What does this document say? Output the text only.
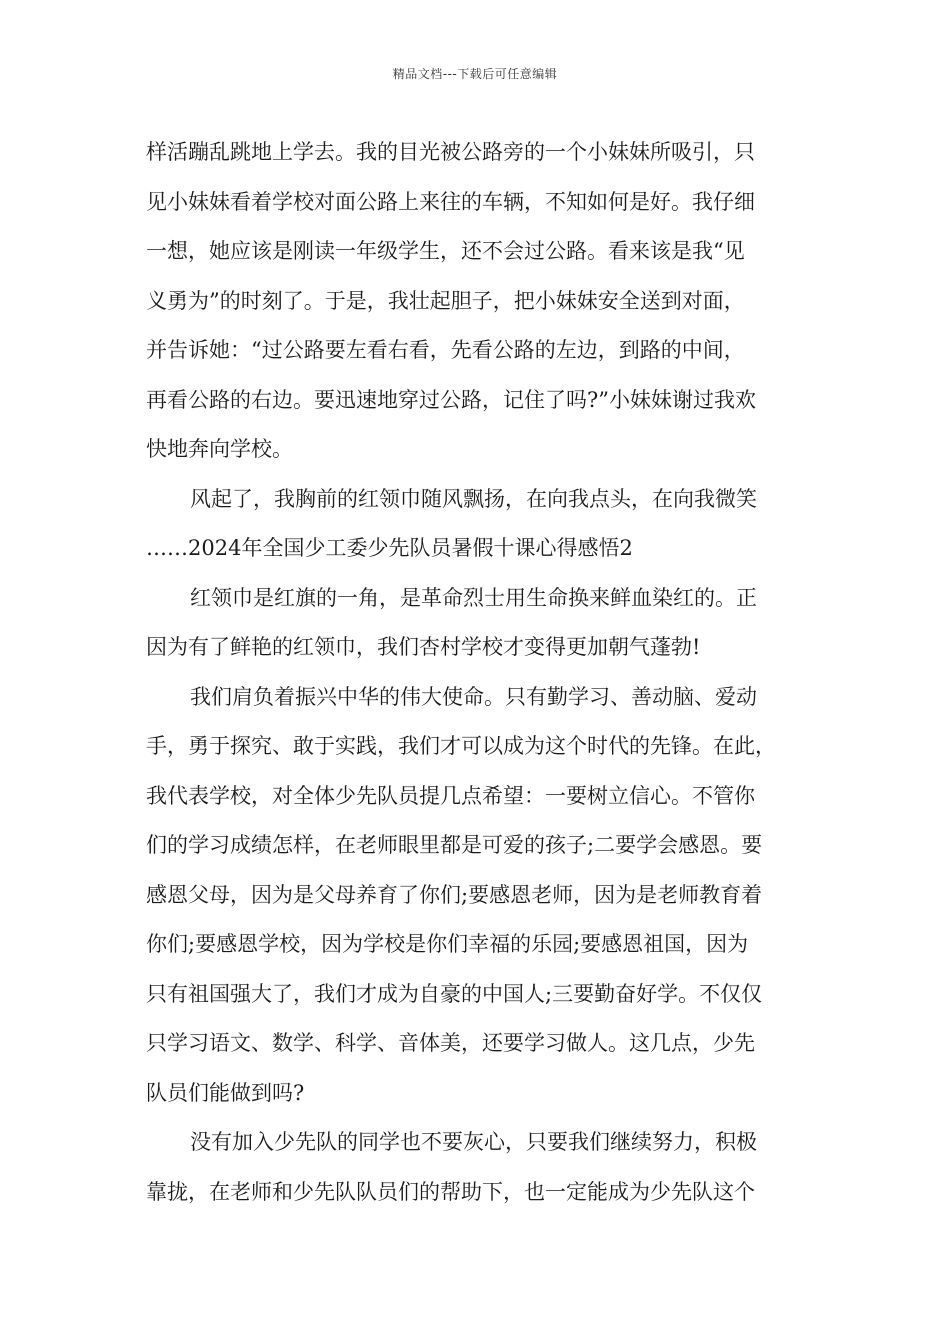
精品文档---下载后可任意编辑
样活蹦乱跳地上学去。我的目光被公路旁的一个小妹妹所吸引，只
见小妹妹看着学校对面公路上来往的车辆，不知如何是好。我仔细
一想，她应该是刚读一年级学生，还不会过公路。看来该是我“见
义勇为”的时刻了。于是，我壮起胆子，把小妹妹安全送到对面，
并告诉她：“过公路要左看右看，先看公路的左边，到路的中间，
再看公路的右边。要迅速地穿过公路，记住了吗?”小妹妹谢过我欢
快地奔向学校。
风起了，我胸前的红领巾随风飘扬，在向我点头，在向我微笑
……2024年全国少工委少先队员暑假十课心得感悟2
红领巾是红旗的一角，是革命烈士用生命换来鲜血染红的。正
因为有了鲜艳的红领巾，我们杏村学校才变得更加朝气蓬勃!
我们肩负着振兴中华的伟大使命。只有勤学习、善动脑、爱动
手，勇于探究、敢于实践，我们才可以成为这个时代的先锋。在此，
我代表学校，对全体少先队员提几点希望：一要树立信心。不管你
们的学习成绩怎样，在老师眼里都是可爱的孩子;二要学会感恩。要
感恩父母，因为是父母养育了你们;要感恩老师，因为是老师教育着
你们;要感恩学校，因为学校是你们幸福的乐园;要感恩祖国，因为
只有祖国强大了，我们才成为自豪的中国人;三要勤奋好学。不仅仅
只学习语文、数学、科学、音体美，还要学习做人。这几点，少先
队员们能做到吗?
没有加入少先队的同学也不要灰心，只要我们继续努力，积极
靠拢，在老师和少先队队员们的帮助下，也一定能成为少先队这个
